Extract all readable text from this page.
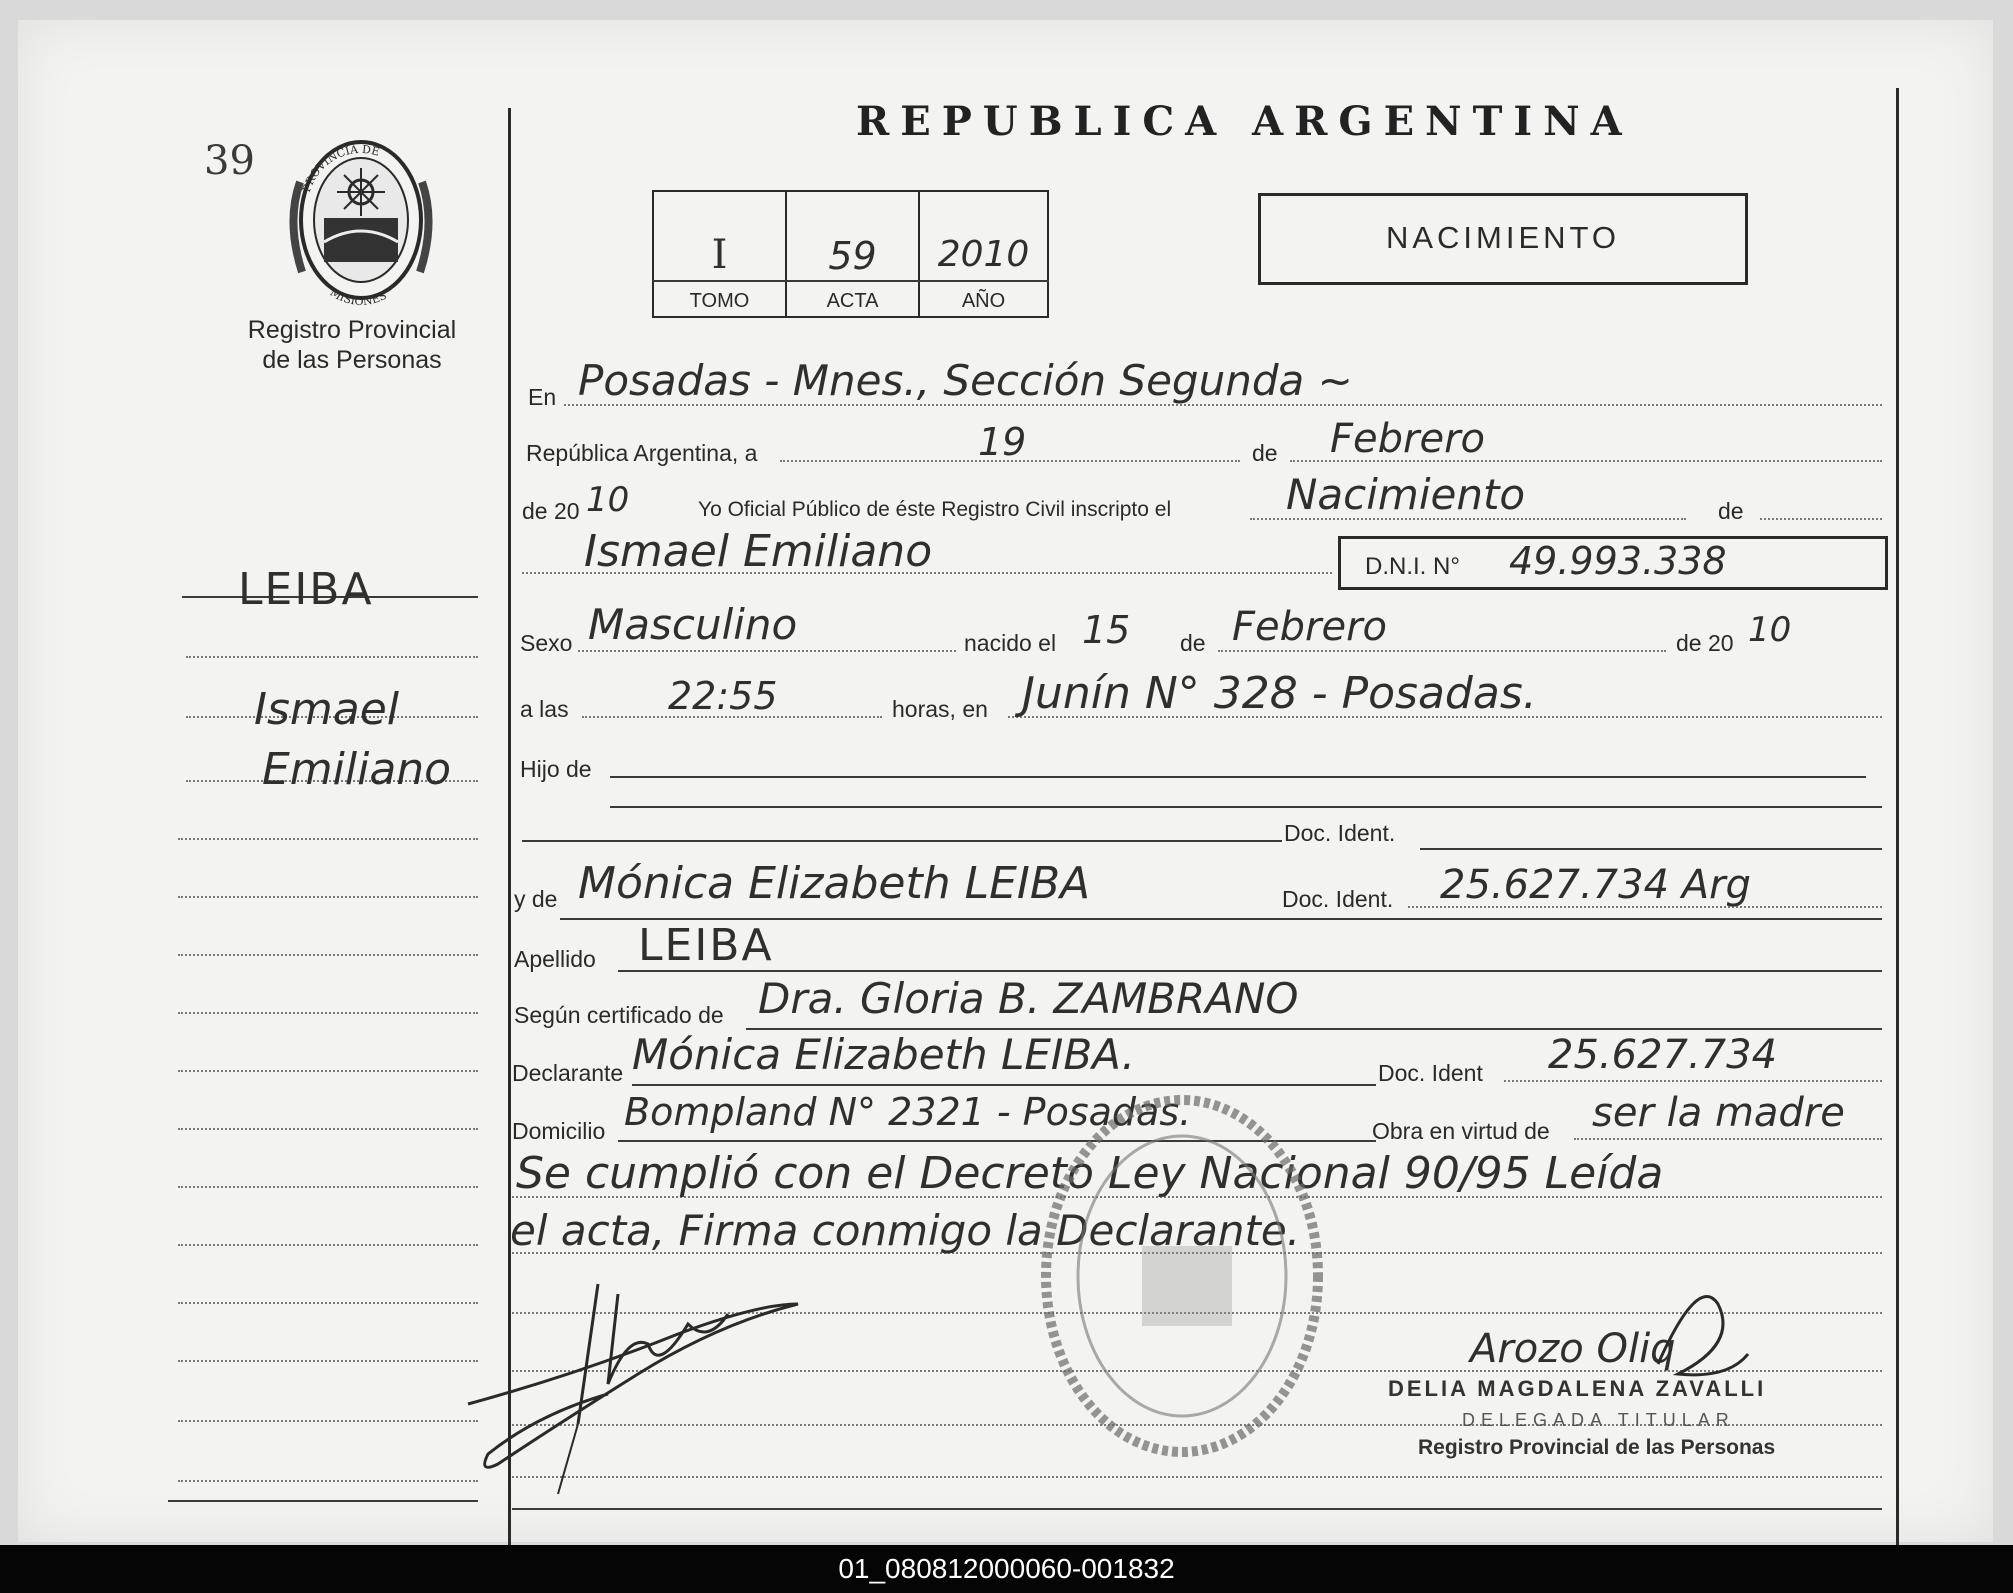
39
PROVINCIA DE
MISIONES
Registro Provincial
de las Personas
REPUBLICA ARGENTINA
I	59	2010
TOMO	ACTA	AÑO
NACIMIENTO
LEIBA
Ismael
Emiliano
En Posadas - Mnes., Sección Segunda ~
República Argentina, a	19	de Febrero
de 20 10	Yo Oficial Público de éste Registro Civil inscripto el	Nacimiento	de
Ismael Emiliano	D.N.I. N° 49.993.338
Sexo Masculino	nacido el 15 de Febrero	de 20 10
a las	22:55	horas, en Junín N° 328 - Posadas.
Hijo de
Doc. Ident.
y de Mónica Elizabeth LEIBA	Doc. Ident. 25.627.734 Arg
Apellido LEIBA
Según certificado de Dra. Gloria B. ZAMBRANO
Declarante Mónica Elizabeth LEIBA.	Doc. Ident 25.627.734
Domicilio Bompland N° 2321 - Posadas.	Obra en virtud de ser la madre
Se cumplió con el Decreto Ley Nacional 90/95 Leída
el acta, Firma conmigo la Declarante.
Arozo Oliq
DELIA MAGDALENA ZAVALLI
DELEGADA TITULAR
Registro Provincial de las Personas
01_080812000060-001832
